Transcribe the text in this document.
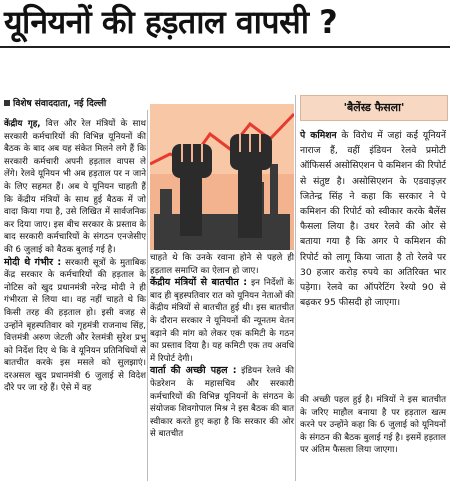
यूनियनों की हड़ताल वापसी ?
विशेष संवाददाता, नई दिल्ली

केंद्रीय गृह, वित्त और रेल मंत्रियों के साथ सरकारी कर्मचारियों की विभिन्न यूनियनों की बैठक के बाद अब यह संकेत मिलने लगे हैं कि सरकारी कर्मचारी अपनी हड़ताल वापस ले लेंगे। रेलवे यूनियन भी अब हड़ताल पर न जाने के लिए सहमत हैं। अब ये यूनियन चाहती हैं कि केंद्रीय मंत्रियों के साथ हुई बैठक में जो वादा किया गया है, उसे लिखित में सार्वजनिक कर दिया जाए। इस बीच सरकार के प्रस्ताव के बाद सरकारी कर्मचारियों के संगठन एनजेसीए की 6 जुलाई को बैठक बुलाई गई है।

मोदी थे गंभीर : सरकारी सूत्रों के मुताबिक केंद्र सरकार के कर्मचारियों की हड़ताल के नोटिस को खुद प्रधानमंत्री नरेन्द्र मोदी ने ही गंभीरता से लिया था। वह नहीं चाहते थे कि किसी तरह की हड़ताल हो। इसी वजह से उन्होंने बृहस्पतिवार को गृहमंत्री राजनाथ सिंह, वित्तमंत्री अरुण जेटली और रेलमंत्री सुरेश प्रभु को निर्देश दिए थे कि वे यूनियन प्रतिनिधियों से बातचीत करके इस मसले को सुलझाएं। दरअसल खुद प्रधानमंत्री 6 जुलाई से विदेश दौरे पर जा रहे हैं। ऐसे में वह

चाहते थे कि उनके रवाना होने से पहले ही हड़ताल समाप्ति का ऐलान हो जाए।

केंद्रीय मंत्रियों से बातचीत : इन निर्देशों के बाद ही बृहस्पतिवार रात को यूनियन नेताओं की केंद्रीय मंत्रियों से बातचीत हुई थी। इस बातचीत के दौरान सरकार ने यूनियनों की न्यूनतम वेतन बढ़ाने की मांग को लेकर एक कमिटी के गठन का प्रस्ताव दिया है। यह कमिटी एक तय अवधि में रिपोर्ट देगी।

वार्ता की अच्छी पहल : इंडियन रेलवे की फेडरेशन के महासचिव और सरकारी कर्मचारियों की विभिन्न यूनियनों के संगठन के संयोजक शिवगोपाल मिश्र ने इस बैठक की बात स्वीकार करते हुए कहा है कि सरकार की ओर से बातचीत

'बैलेंस्ड फैसला'

पे कमिशन के विरोध में जहां कई यूनियनें नाराज हैं, वहीं इंडियन रेलवे प्रमोटी ऑफिसर्स असोसिएशन पे कमिशन की रिपोर्ट से संतुष्ट है। असोसिएशन के एडवाइज़र जितेन्द्र सिंह ने कहा कि सरकार ने पे कमिशन की रिपोर्ट को स्वीकार करके बैलेंस फैसला लिया है। उधर रेलवे की ओर से बताया गया है कि अगर पे कमिशन की रिपोर्ट को लागू किया जाता है तो रेलवे पर 30 हजार करोड़ रुपये का अतिरिक्त भार पड़ेगा। रेलवे का ऑपरेटिंग रेश्यो 90 से बढ़कर 95 फीसदी हो जाएगा।

की अच्छी पहल हुई है। मंत्रियों ने इस बातचीत के जरिए माहौल बनाया है पर हड़ताल खत्म करने पर उन्होंने कहा कि 6 जुलाई को यूनियनों के संगठन की बैठक बुलाई गई है। इसमें हड़ताल पर अंतिम फैसला लिया जाएगा।
